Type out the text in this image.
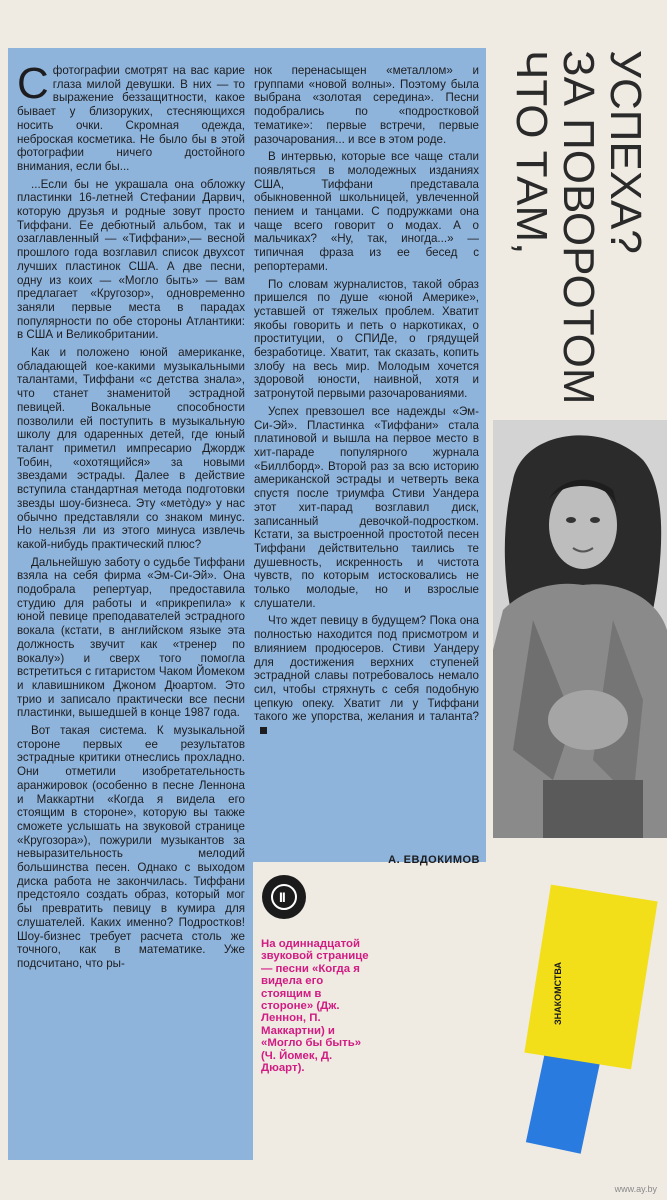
С фотографии смотрят на вас карие глаза милой девушки. В них — то выражение беззащитности, какое бывает у близоруких, стесняющихся носить очки. Скромная одежда, неброская косметика. Не было бы в этой фотографии ничего достойного внимания, если бы...

...Если бы не украшала она обложку пластинки 16-летней Стефании Дарвич, которую друзья и родные зовут просто Тиффани. Ее дебютный альбом, так и озаглавленный — «Тиффани»,— весной прошлого года возглавил список двухсот лучших пластинок США. А две песни, одну из коих — «Могло быть» — вам предлагает «Кругозор», одновременно заняли первые места в парадах популярности по обе стороны Атлантики: в США и Великобритании.

Как и положено юной американке, обладающей кое-какими музыкальными талантами, Тиффани «с детства знала», что станет знаменитой эстрадной певицей. Вокальные способности позволили ей поступить в музыкальную школу для одаренных детей, где юный талант приметил импресарио Джордж Тобин, «охотящийся» за новыми звездами эстрады. Далее в действие вступила стандартная метода подготовки звезды шоу-бизнеса. Эту «метòду» у нас обычно представляли со знаком минус. Но нельзя ли из этого минуса извлечь какой-нибудь практический плюс?

Дальнейшую заботу о судьбе Тиффани взяла на себя фирма «Эм-Си-Эй». Она подобрала репертуар, предоставила студию для работы и «прикрепила» к юной певице преподавателей эстрадного вокала (кстати, в английском языке эта должность звучит как «тренер по вокалу») и сверх того помогла встретиться с гитаристом Чаком Йомеком и клавишником Джоном Дюартом. Это трио и записало практически все песни пластинки, вышедшей в конце 1987 года.

Вот такая система. К музыкальной стороне первых ее результатов эстрадные критики отнеслись прохладно. Они отметили изобретательность аранжировок (особенно в песне Леннона и Маккартни «Когда я видела его стоящим в стороне», которую вы также сможете услышать на звуковой странице «Кругозора»), пожурили музыкантов за невыразительность мелодий большинства песен. Однако с выходом диска работа не закончилась. Тиффани предстояло создать образ, который мог бы превратить певицу в кумира для слушателей. Каких именно? Подростков! Шоу-бизнес требует расчета столь же точного, как в математике. Уже подсчитано, что ры-

нок перенасыщен «металлом» и группами «новой волны». Поэтому была выбрана «золотая середина». Песни подобрались по «подростковой тематике»: первые встречи, первые разочарования... и все в этом роде.

В интервью, которые все чаще стали появляться в молодежных изданиях США, Тиффани представала обыкновенной школьницей, увлеченной пением и танцами. С подружками она чаще всего говорит о модах. А о мальчиках? «Ну, так, иногда...» — типичная фраза из ее бесед с репортерами.

По словам журналистов, такой образ пришелся по душе «юной Америке», уставшей от тяжелых проблем. Хватит якобы говорить и петь о наркотиках, о проституции, о СПИДе, о грядущей безработице. Хватит, так сказать, копить злобу на весь мир. Молодым хочется здоровой юности, наивной, хотя и затронутой первыми разочарованиями.

Успех превзошел все надежды «Эм-Си-Эй». Пластинка «Тиффани» стала платиновой и вышла на первое место в хит-параде популярного журнала «Биллборд». Второй раз за всю историю американской эстрады и четверть века спустя после триумфа Стиви Уандера этот хит-парад возглавил диск, записанный девочкой-подростком. Кстати, за выстроенной простотой песен Тиффани действительно таились те душевность, искренность и чистота чувств, по которым истосковались не только молодые, но и взрослые слушатели.

Что ждет певицу в будущем? Пока она полностью находится под присмотром и влиянием продюсеров. Стиви Уандеру для достижения верхних ступеней эстрадной славы потребовалось немало сил, чтобы стряхнуть с себя подобную цепкую опеку. Хватит ли у Тиффани такого же упорства, желания и таланта?

А. ЕВДОКИМОВ
II
На одиннадцатой звуковой странице — песни «Когда я видела его стоящим в стороне» (Дж. Леннон, П. Маккартни) и «Могло бы быть» (Ч. Йомек, Д. Дюарт).
ЧТО ТАМ,
ЗА ПОВОРОТОМ
УСПЕХА?
ЗНАКОМСТВА
www.ay.by
